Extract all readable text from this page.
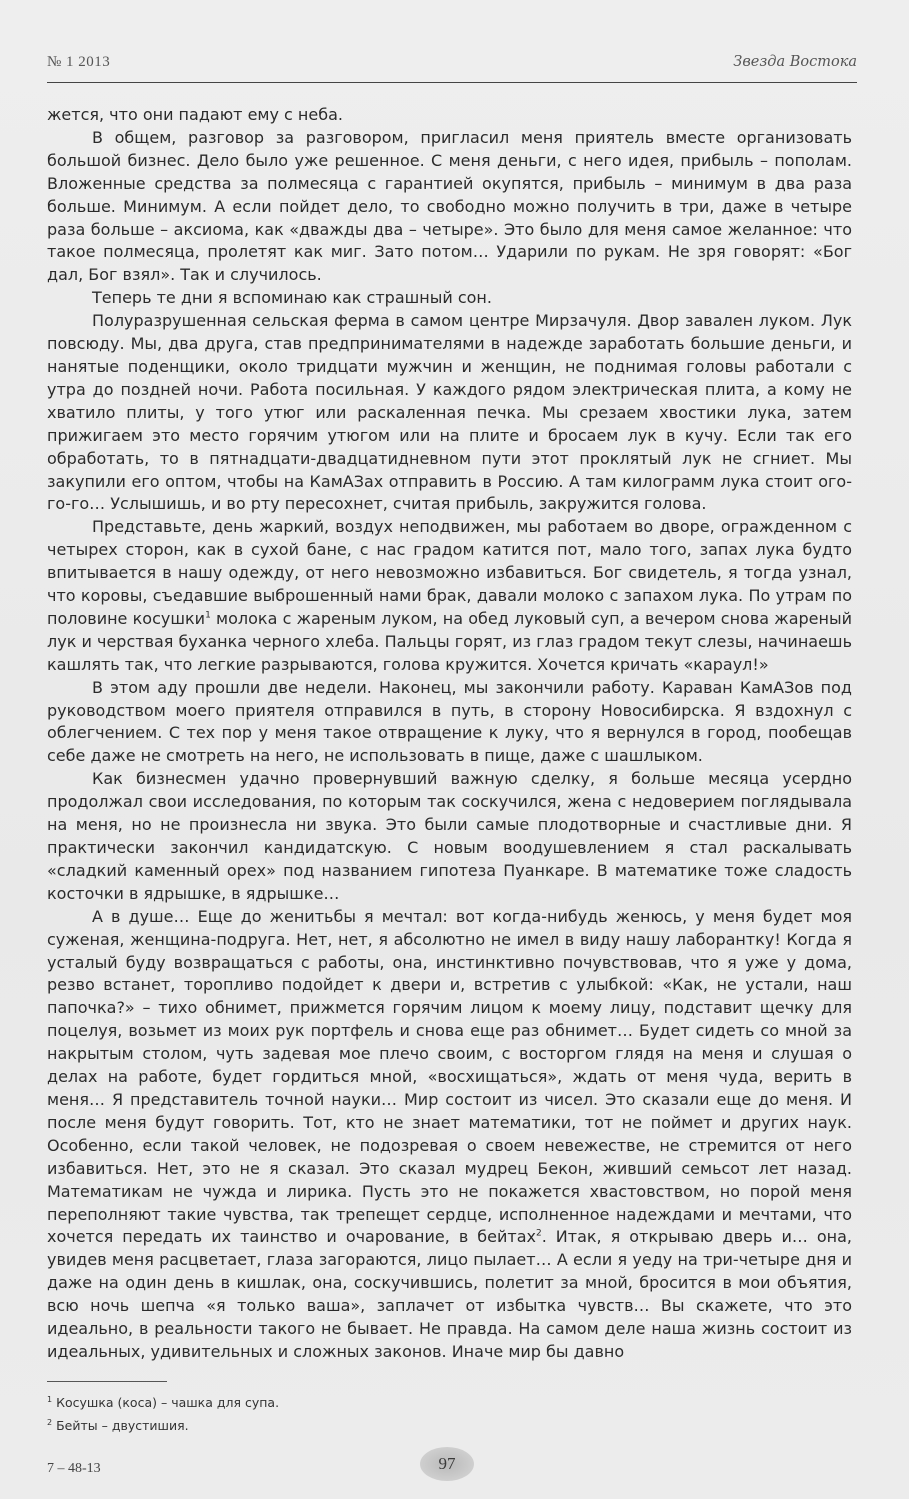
№ 1 2013	Звезда Востока

жется, что они падают ему с неба.

В общем, разговор за разговором, пригласил меня приятель вместе организовать большой бизнес. Дело было уже решенное. С меня деньги, с него идея, прибыль – пополам. Вложенные средства за полмесяца с гарантией окупятся, прибыль – минимум в два раза больше. Минимум. А если пойдет дело, то свободно можно получить в три, даже в четыре раза больше – аксиома, как «дважды два – четыре». Это было для меня самое желанное: что такое полмесяца, пролетят как миг. Зато потом… Ударили по рукам. Не зря говорят: «Бог дал, Бог взял». Так и случилось.

Теперь те дни я вспоминаю как страшный сон.

Полуразрушенная сельская ферма в самом центре Мирзачуля. Двор завален луком. Лук повсюду. Мы, два друга, став предпринимателями в надежде заработать большие деньги, и нанятые поденщики, около тридцати мужчин и женщин, не поднимая головы работали с утра до поздней ночи. Работа посильная. У каждого рядом электрическая плита, а кому не хватило плиты, у того утюг или раскаленная печка. Мы срезаем хвостики лука, затем прижигаем это место горячим утюгом или на плите и бросаем лук в кучу. Если так его обработать, то в пятнадцати-двадцатидневном пути этот проклятый лук не сгниет. Мы закупили его оптом, чтобы на КамАЗах отправить в Россию. А там килограмм лука стоит ого-го-го… Услышишь, и во рту пересохнет, считая прибыль, закружится голова.

Представьте, день жаркий, воздух неподвижен, мы работаем во дворе, огражденном с четырех сторон, как в сухой бане, с нас градом катится пот, мало того, запах лука будто впитывается в нашу одежду, от него невозможно избавиться. Бог свидетель, я тогда узнал, что коровы, съедавшие выброшенный нами брак, давали молоко с запахом лука. По утрам по половине косушки$^1$ молока с жареным луком, на обед луковый суп, а вечером снова жареный лук и черствая буханка черного хлеба. Пальцы горят, из глаз градом текут слезы, начинаешь кашлять так, что легкие разрываются, голова кружится. Хочется кричать «караул!»

В этом аду прошли две недели. Наконец, мы закончили работу. Караван КамАЗов под руководством моего приятеля отправился в путь, в сторону Новосибирска. Я вздохнул с облегчением. С тех пор у меня такое отвращение к луку, что я вернулся в город, пообещав себе даже не смотреть на него, не использовать в пище, даже с шашлыком.

Как бизнесмен удачно провернувший важную сделку, я больше месяца усердно продолжал свои исследования, по которым так соскучился, жена с недоверием поглядывала на меня, но не произнесла ни звука. Это были самые плодотворные и счастливые дни. Я практически закончил кандидатскую. С новым воодушевлением я стал раскалывать «сладкий каменный орех» под названием гипотеза Пуанкаре. В математике тоже сладость косточки в ядрышке, в ядрышке…

А в душе… Еще до женитьбы я мечтал: вот когда-нибудь женюсь, у меня будет моя суженая, женщина-подруга. Нет, нет, я абсолютно не имел в виду нашу лаборантку! Когда я усталый буду возвращаться с работы, она, инстинктивно почувствовав, что я уже у дома, резво встанет, торопливо подойдет к двери и, встретив с улыбкой: «Как, не устали, наш папочка?» – тихо обнимет, прижмется горячим лицом к моему лицу, подставит щечку для поцелуя, возьмет из моих рук портфель и снова еще раз обнимет… Будет сидеть со мной за накрытым столом, чуть задевая мое плечо своим, с восторгом глядя на меня и слушая о делах на работе, будет гордиться мной, «восхищаться», ждать от меня чуда, верить в меня… Я представитель точной науки… Мир состоит из чисел. Это сказали еще до меня. И после меня будут говорить. Тот, кто не знает математики, тот не поймет и других наук. Особенно, если такой человек, не подозревая о своем невежестве, не стремится от него избавиться. Нет, это не я сказал. Это сказал мудрец Бекон, живший семьсот лет назад. Математикам не чужда и лирика. Пусть это не покажется хвастовством, но порой меня переполняют такие чувства, так трепещет сердце, исполненное надеждами и мечтами, что хочется передать их таинство и очарование, в бейтах$^2$. Итак, я открываю дверь и… она, увидев меня расцветает, глаза загораются, лицо пылает… А если я уеду на три-четыре дня и даже на один день в кишлак, она, соскучившись, полетит за мной, бросится в мои объятия, всю ночь шепча «я только ваша», заплачет от избытка чувств… Вы скажете, что это идеально, в реальности такого не бывает. Не правда. На самом деле наша жизнь состоит из идеальных, удивительных и сложных законов. Иначе мир бы давно

$^1$ Косушка (коса) – чашка для супа.
$^2$ Бейты – двустишия.
7 – 48-13	97
